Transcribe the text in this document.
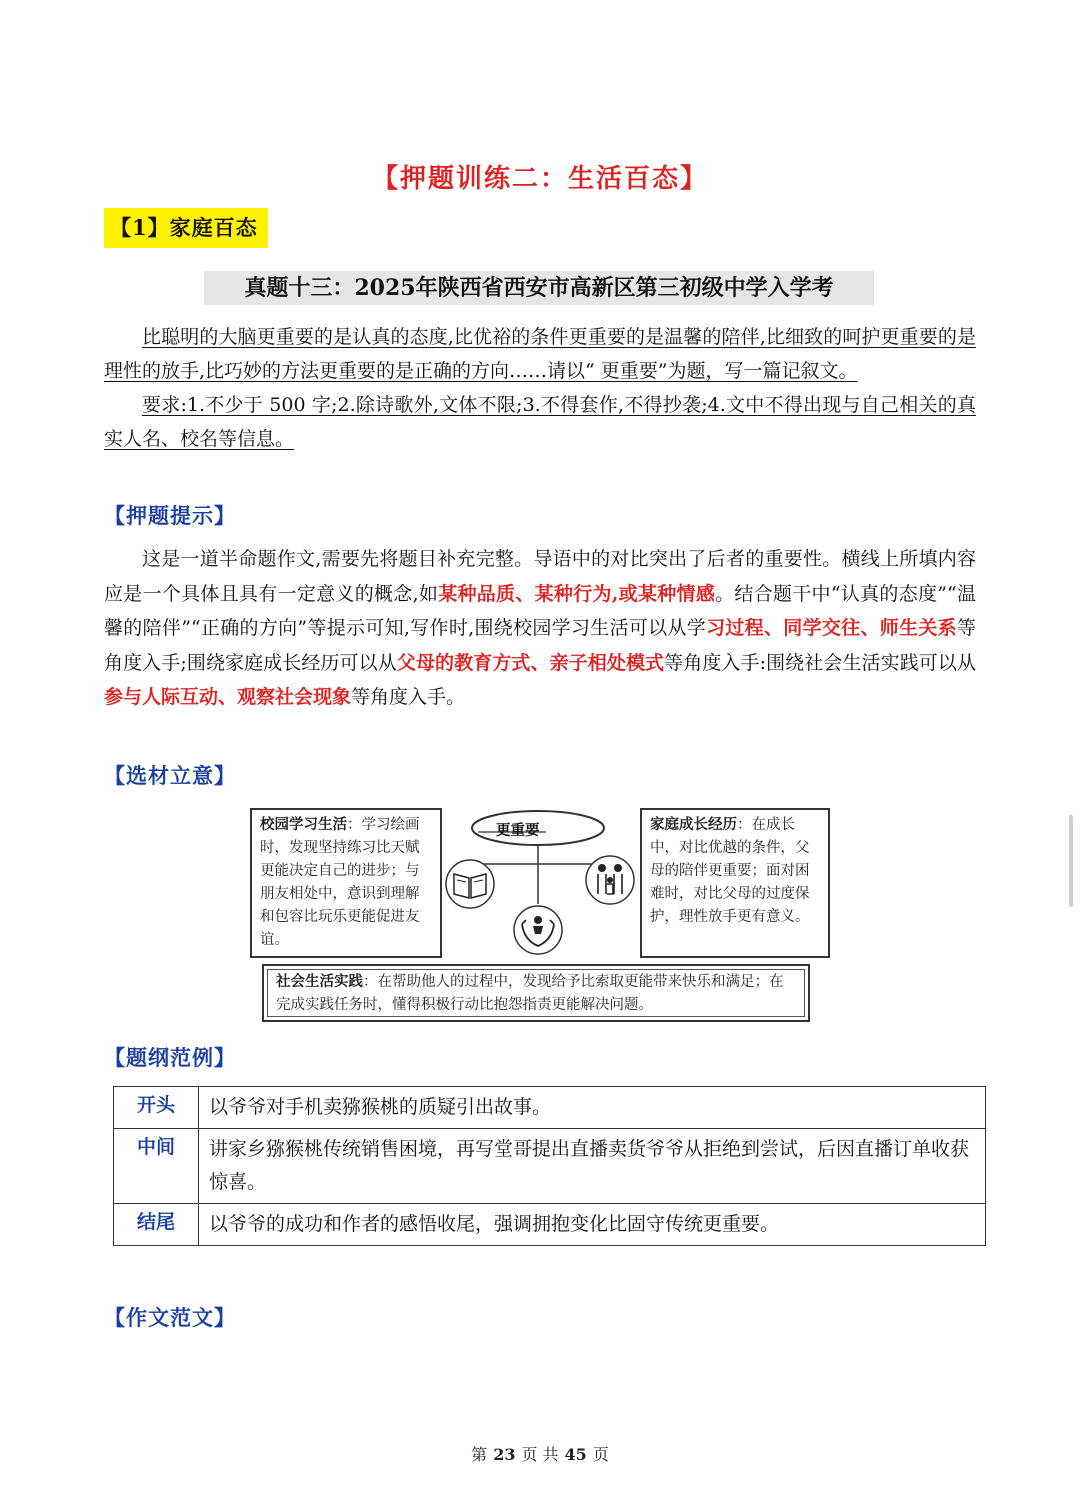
【押题训练二：生活百态】
【1】家庭百态
真题十三：2025年陕西省西安市高新区第三初级中学入学考

比聪明的大脑更重要的是认真的态度,比优裕的条件更重要的是温馨的陪伴,比细致的呵护更重要的是理性的放手,比巧妙的方法更重要的是正确的方向……请以“ 更重要”为题，写一篇记叙文。

要求:1.不少于 500 字;2.除诗歌外,文体不限;3.不得套作,不得抄袭;4.文中不得出现与自己相关的真实人名、校名等信息。

【押题提示】

这是一道半命题作文,需要先将题目补充完整。导语中的对比突出了后者的重要性。横线上所填内容应是一个具体且具有一定意义的概念,如某种品质、某种行为,或某种情感。结合题干中“认真的态度”“温馨的陪伴”“正确的方向”等提示可知,写作时,围绕校园学习生活可以从学习过程、同学交往、师生关系等角度入手;围绕家庭成长经历可以从父母的教育方式、亲子相处模式等角度入手:围绕社会生活实践可以从参与人际互动、观察社会现象等角度入手。

【选材立意】
更重要
校园学习生活：学习绘画时，发现坚持练习比天赋更能决定自己的进步；与朋友相处中，意识到理解和包容比玩乐更能促进友谊。
家庭成长经历：在成长中，对比优越的条件，父母的陪伴更重要；面对困难时，对比父母的过度保护，理性放手更有意义。
社会生活实践：在帮助他人的过程中，发现给予比索取更能带来快乐和满足；在完成实践任务时，懂得积极行动比抱怨指责更能解决问题。
【题纲范例】
开头	以爷爷对手机卖猕猴桃的质疑引出故事。
中间	讲家乡猕猴桃传统销售困境，再写堂哥提出直播卖货爷爷从拒绝到尝试，后因直播订单收获惊喜。
结尾	以爷爷的成功和作者的感悟收尾，强调拥抱变化比固守传统更重要。
【作文范文】
第 23 页 共 45 页
